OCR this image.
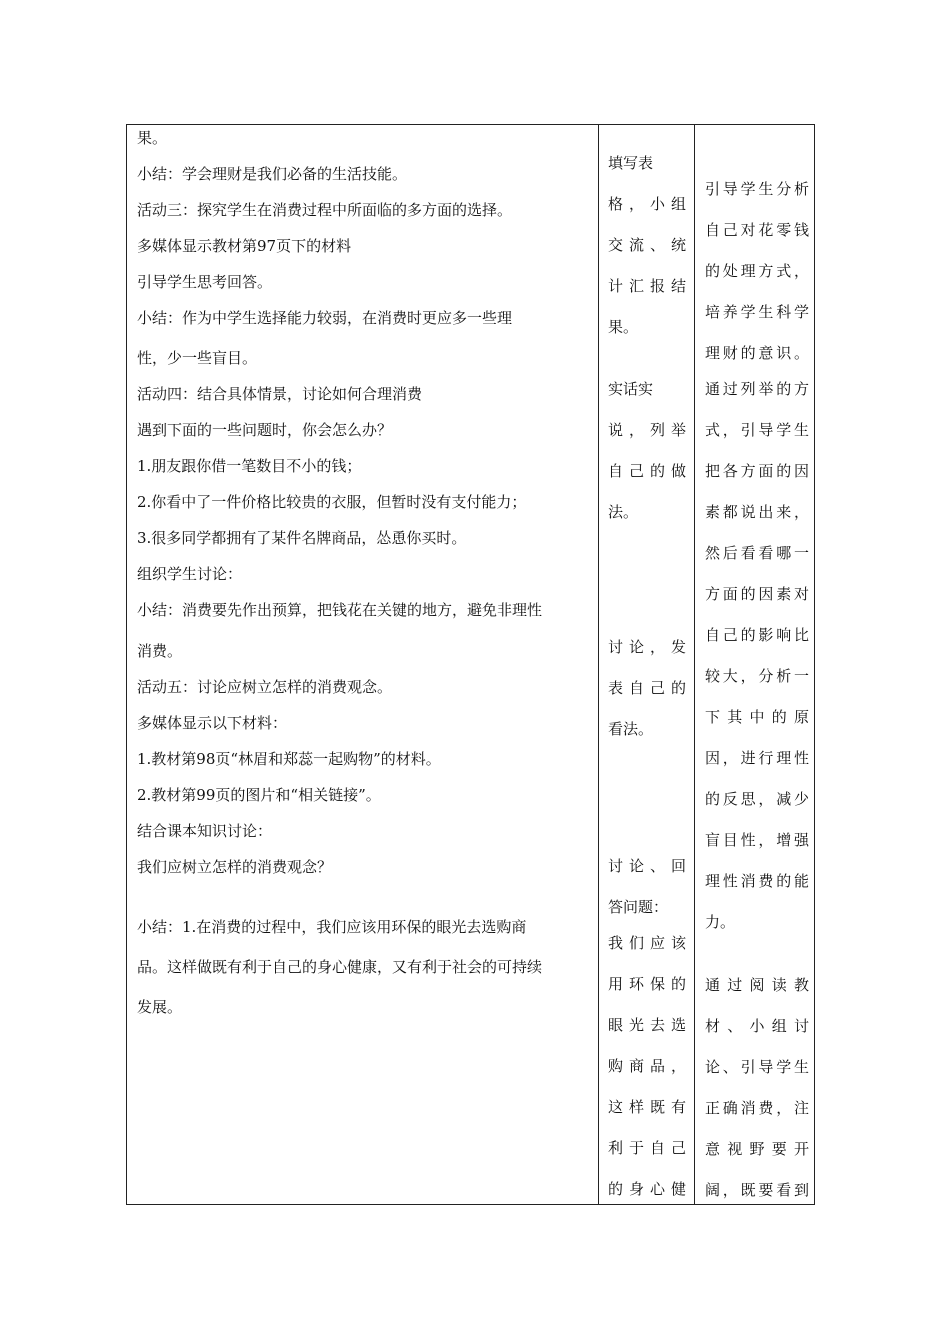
果。
小结：学会理财是我们必备的生活技能。
活动三：探究学生在消费过程中所面临的多方面的选择。
多媒体显示教材第97页下的材料
引导学生思考回答。
小结：作为中学生选择能力较弱，在消费时更应多一些理
性，少一些盲目。
活动四：结合具体情景，讨论如何合理消费
遇到下面的一些问题时，你会怎么办？
1.朋友跟你借一笔数目不小的钱；
2.你看中了一件价格比较贵的衣服，但暂时没有支付能力；
3.很多同学都拥有了某件名牌商品，怂恿你买时。
组织学生讨论：
小结：消费要先作出预算，把钱花在关键的地方，避免非理性
消费。
活动五：讨论应树立怎样的消费观念。
多媒体显示以下材料：
1.教材第98页“林眉和郑蕊一起购物”的材料。
2.教材第99页的图片和“相关链接”。
结合课本知识讨论：
我们应树立怎样的消费观念？
小结：1.在消费的过程中，我们应该用环保的眼光去选购商
品。这样做既有利于自己的身心健康，又有利于社会的可持续
发展。
填写表
格 ， 小 组
交 流 、 统
计 汇 报 结
果。
实话实
说 ， 列 举
自 己 的 做
法。
讨 论 ， 发
表 自 己 的
看法。
讨 论 、 回
答问题：
我 们 应 该
用 环 保 的
眼 光 去 选
购 商 品 ，
这 样 既 有
利 于 自 己
的 身 心 健
引 导 学 生 分 析
自 己 对 花 零 钱
的 处 理 方 式 ，
培 养 学 生 科 学
理 财 的 意 识 。
通 过 列 举 的 方
式 ， 引 导 学 生
把 各 方 面 的 因
素 都 说 出 来 ，
然 后 看 看 哪 一
方 面 的 因 素 对
自 己 的 影 响 比
较 大 ， 分 析 一
下 其 中 的 原
因 ， 进 行 理 性
的 反 思 ， 减 少
盲 目 性 ， 增 强
理 性 消 费 的 能
力。
通 过 阅 读 教
材 、 小 组 讨
论 、 引 导 学 生
正 确 消 费 ， 注
意 视 野 要 开
阔 ， 既 要 看 到
